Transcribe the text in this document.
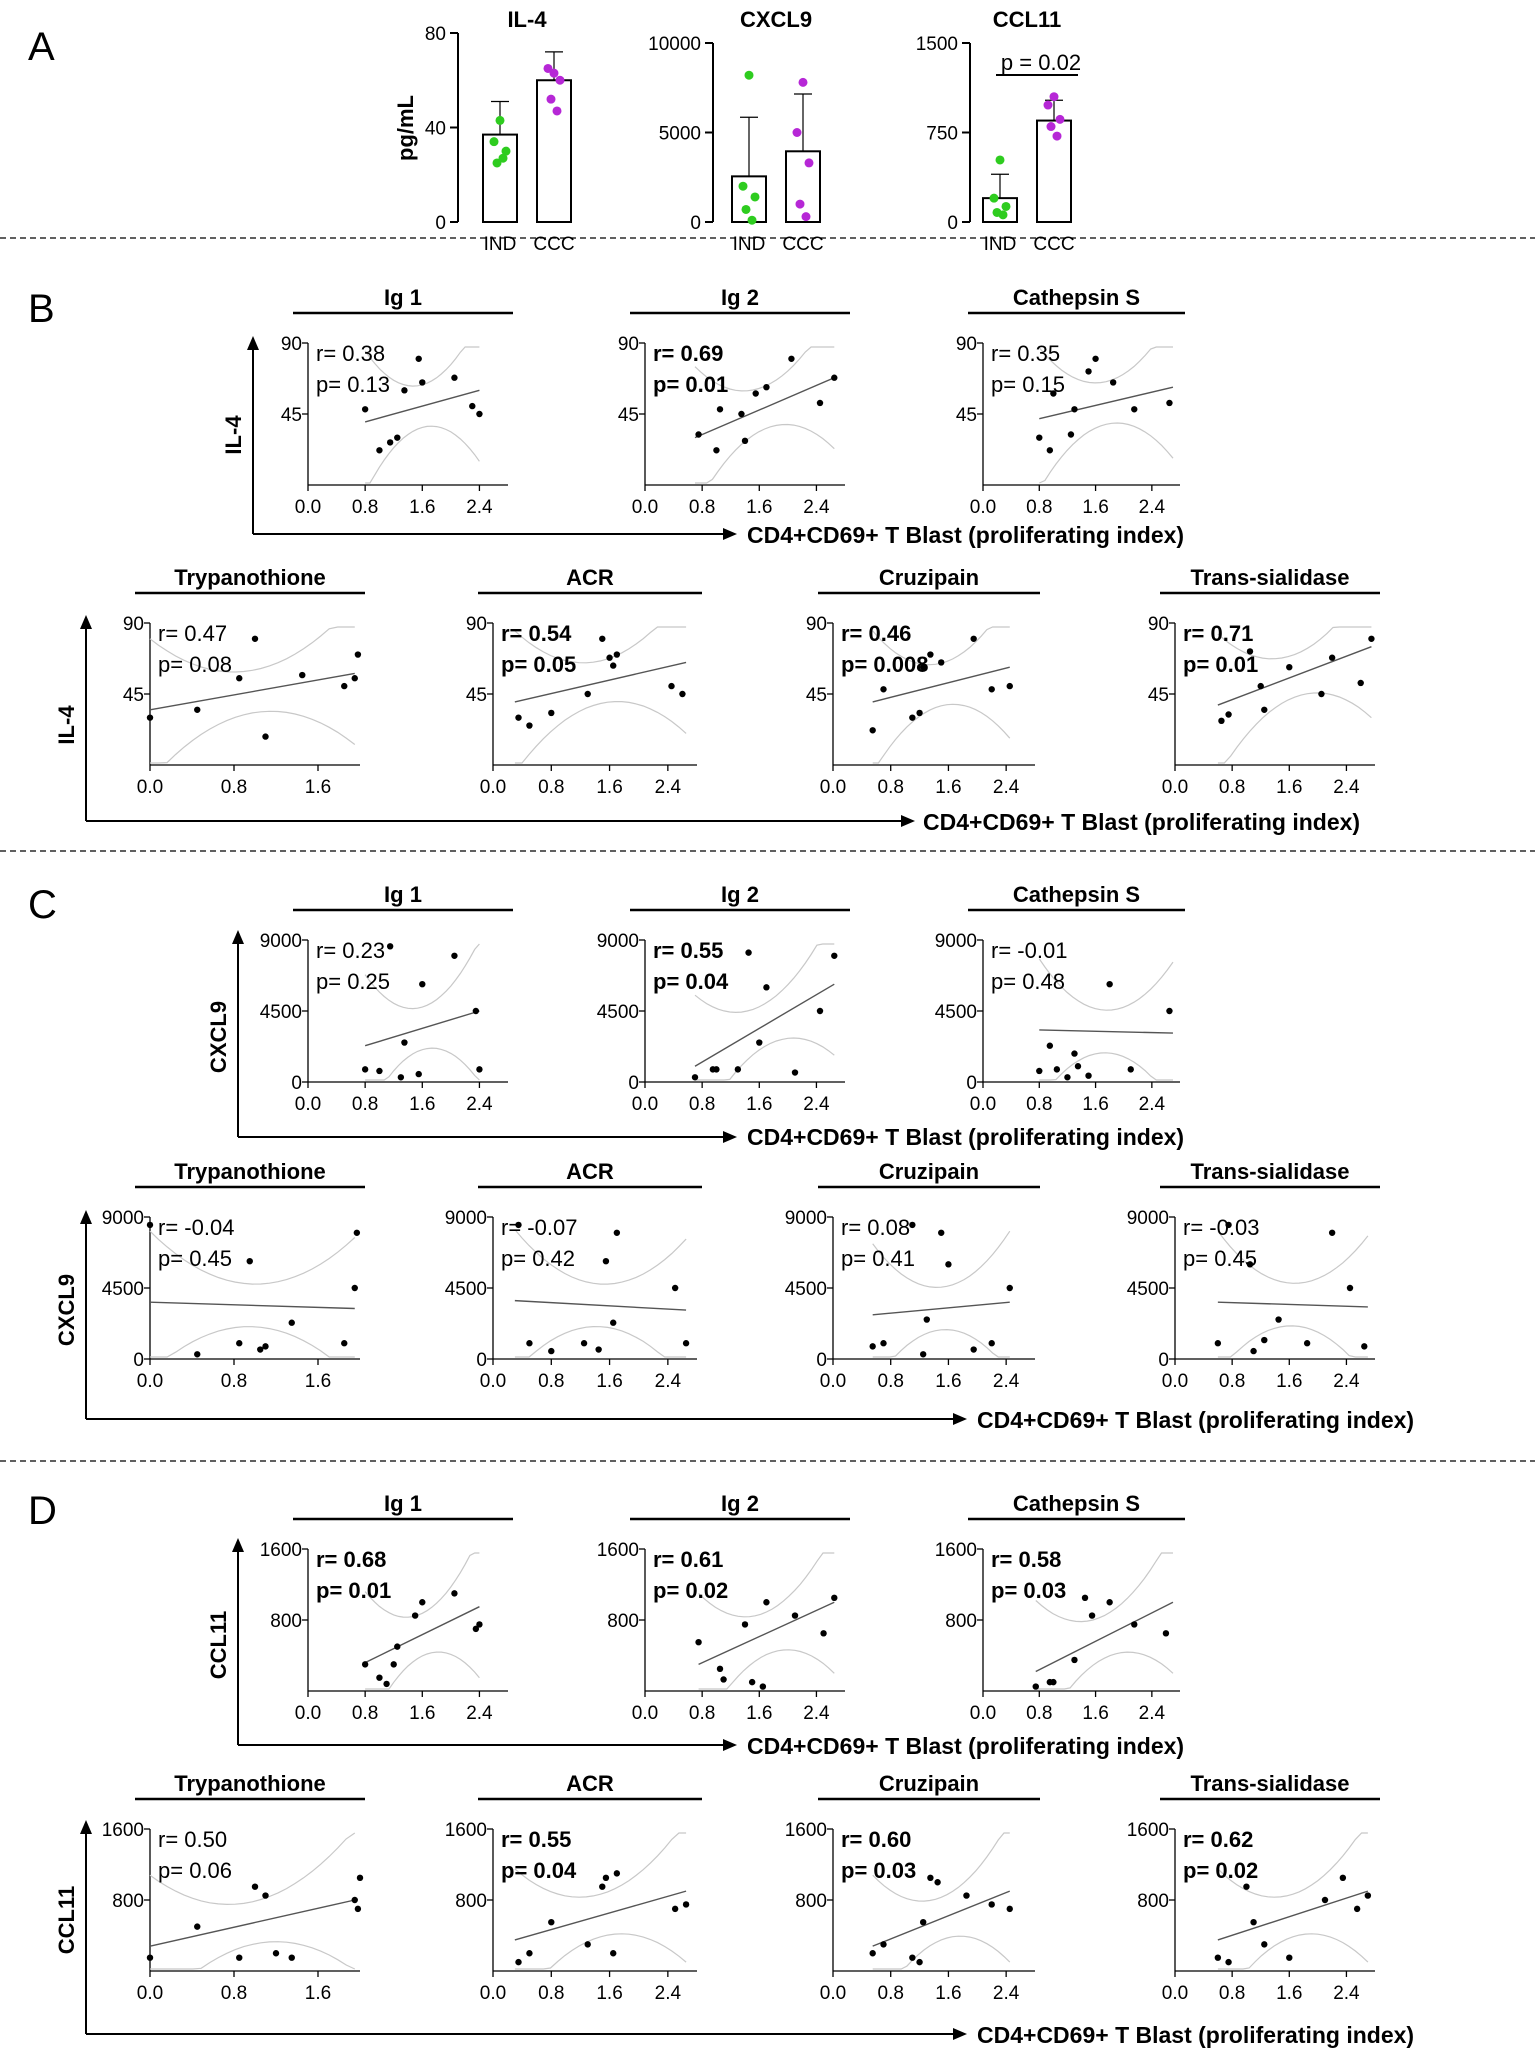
A
B
C
D
pg/mL
IL-4
0
40
80
IND CCC
CXCL9
0
5000
10000
IND CCC
CCL11
0
750
1500
IND CCC
p = 0.02
Ig 1
90
45
0.0 0.8 1.6 2.4
r= 0.38
p= 0.13
Ig 2
90
45
0.0 0.8 1.6 2.4
r= 0.69
p= 0.01
Cathepsin S
90
45
0.0 0.8 1.6 2.4
r= 0.35
p= 0.15
Trypanothione
90
45
0.0	0.8	1.6
r= 0.47
p= 0.08
ACR
90
45
0.0 0.8 1.6 2.4
r= 0.54
p= 0.05
Cruzipain
90
45
0.0 0.8 1.6 2.4
r= 0.46
p= 0.008
Trans-sialidase
90
45
0.0 0.8 1.6 2.4
r= 0.71
p= 0.01
Ig 1
9000
4500
0
0.0 0.8 1.6 2.4
r= 0.23
p= 0.25
Ig 2
9000
4500
0
0.0 0.8 1.6 2.4
r= 0.55
p= 0.04
Cathepsin S
9000
4500
0
0.0 0.8 1.6 2.4
r= -0.01
p= 0.48
Trypanothione
9000
4500
0
0.0	0.8	1.6
r= -0.04
p= 0.45
ACR
9000
4500
0
0.0 0.8 1.6 2.4
r= -0.07
p= 0.42
Cruzipain
9000
4500
0
0.0 0.8 1.6 2.4
r= 0.08
p= 0.41
Trans-sialidase
9000
4500
0
0.0 0.8 1.6 2.4
r= -0.03
p= 0.45
Ig 1
1600
800
0.0 0.8 1.6 2.4
r= 0.68
p= 0.01
Ig 2
1600
800
0.0 0.8 1.6 2.4
r= 0.61
p= 0.02
Cathepsin S
1600
800
0.0 0.8 1.6 2.4
r= 0.58
p= 0.03
Trypanothione
1600
800
0.0	0.8	1.6
r= 0.50
p= 0.06
ACR
1600
800
0.0 0.8 1.6 2.4
r= 0.55
p= 0.04
Cruzipain
1600
800
0.0 0.8 1.6 2.4
r= 0.60
p= 0.03
Trans-sialidase
1600
800
0.0 0.8 1.6 2.4
r= 0.62
p= 0.02
IL-4
CD4+CD69+ T Blast (proliferating index)
IL-4
CD4+CD69+ T Blast (proliferating index)
CXCL9
CD4+CD69+ T Blast (proliferating index)
CXCL9
CD4+CD69+ T Blast (proliferating index)
CCL11
CD4+CD69+ T Blast (proliferating index)
CCL11
CD4+CD69+ T Blast (proliferating index)
